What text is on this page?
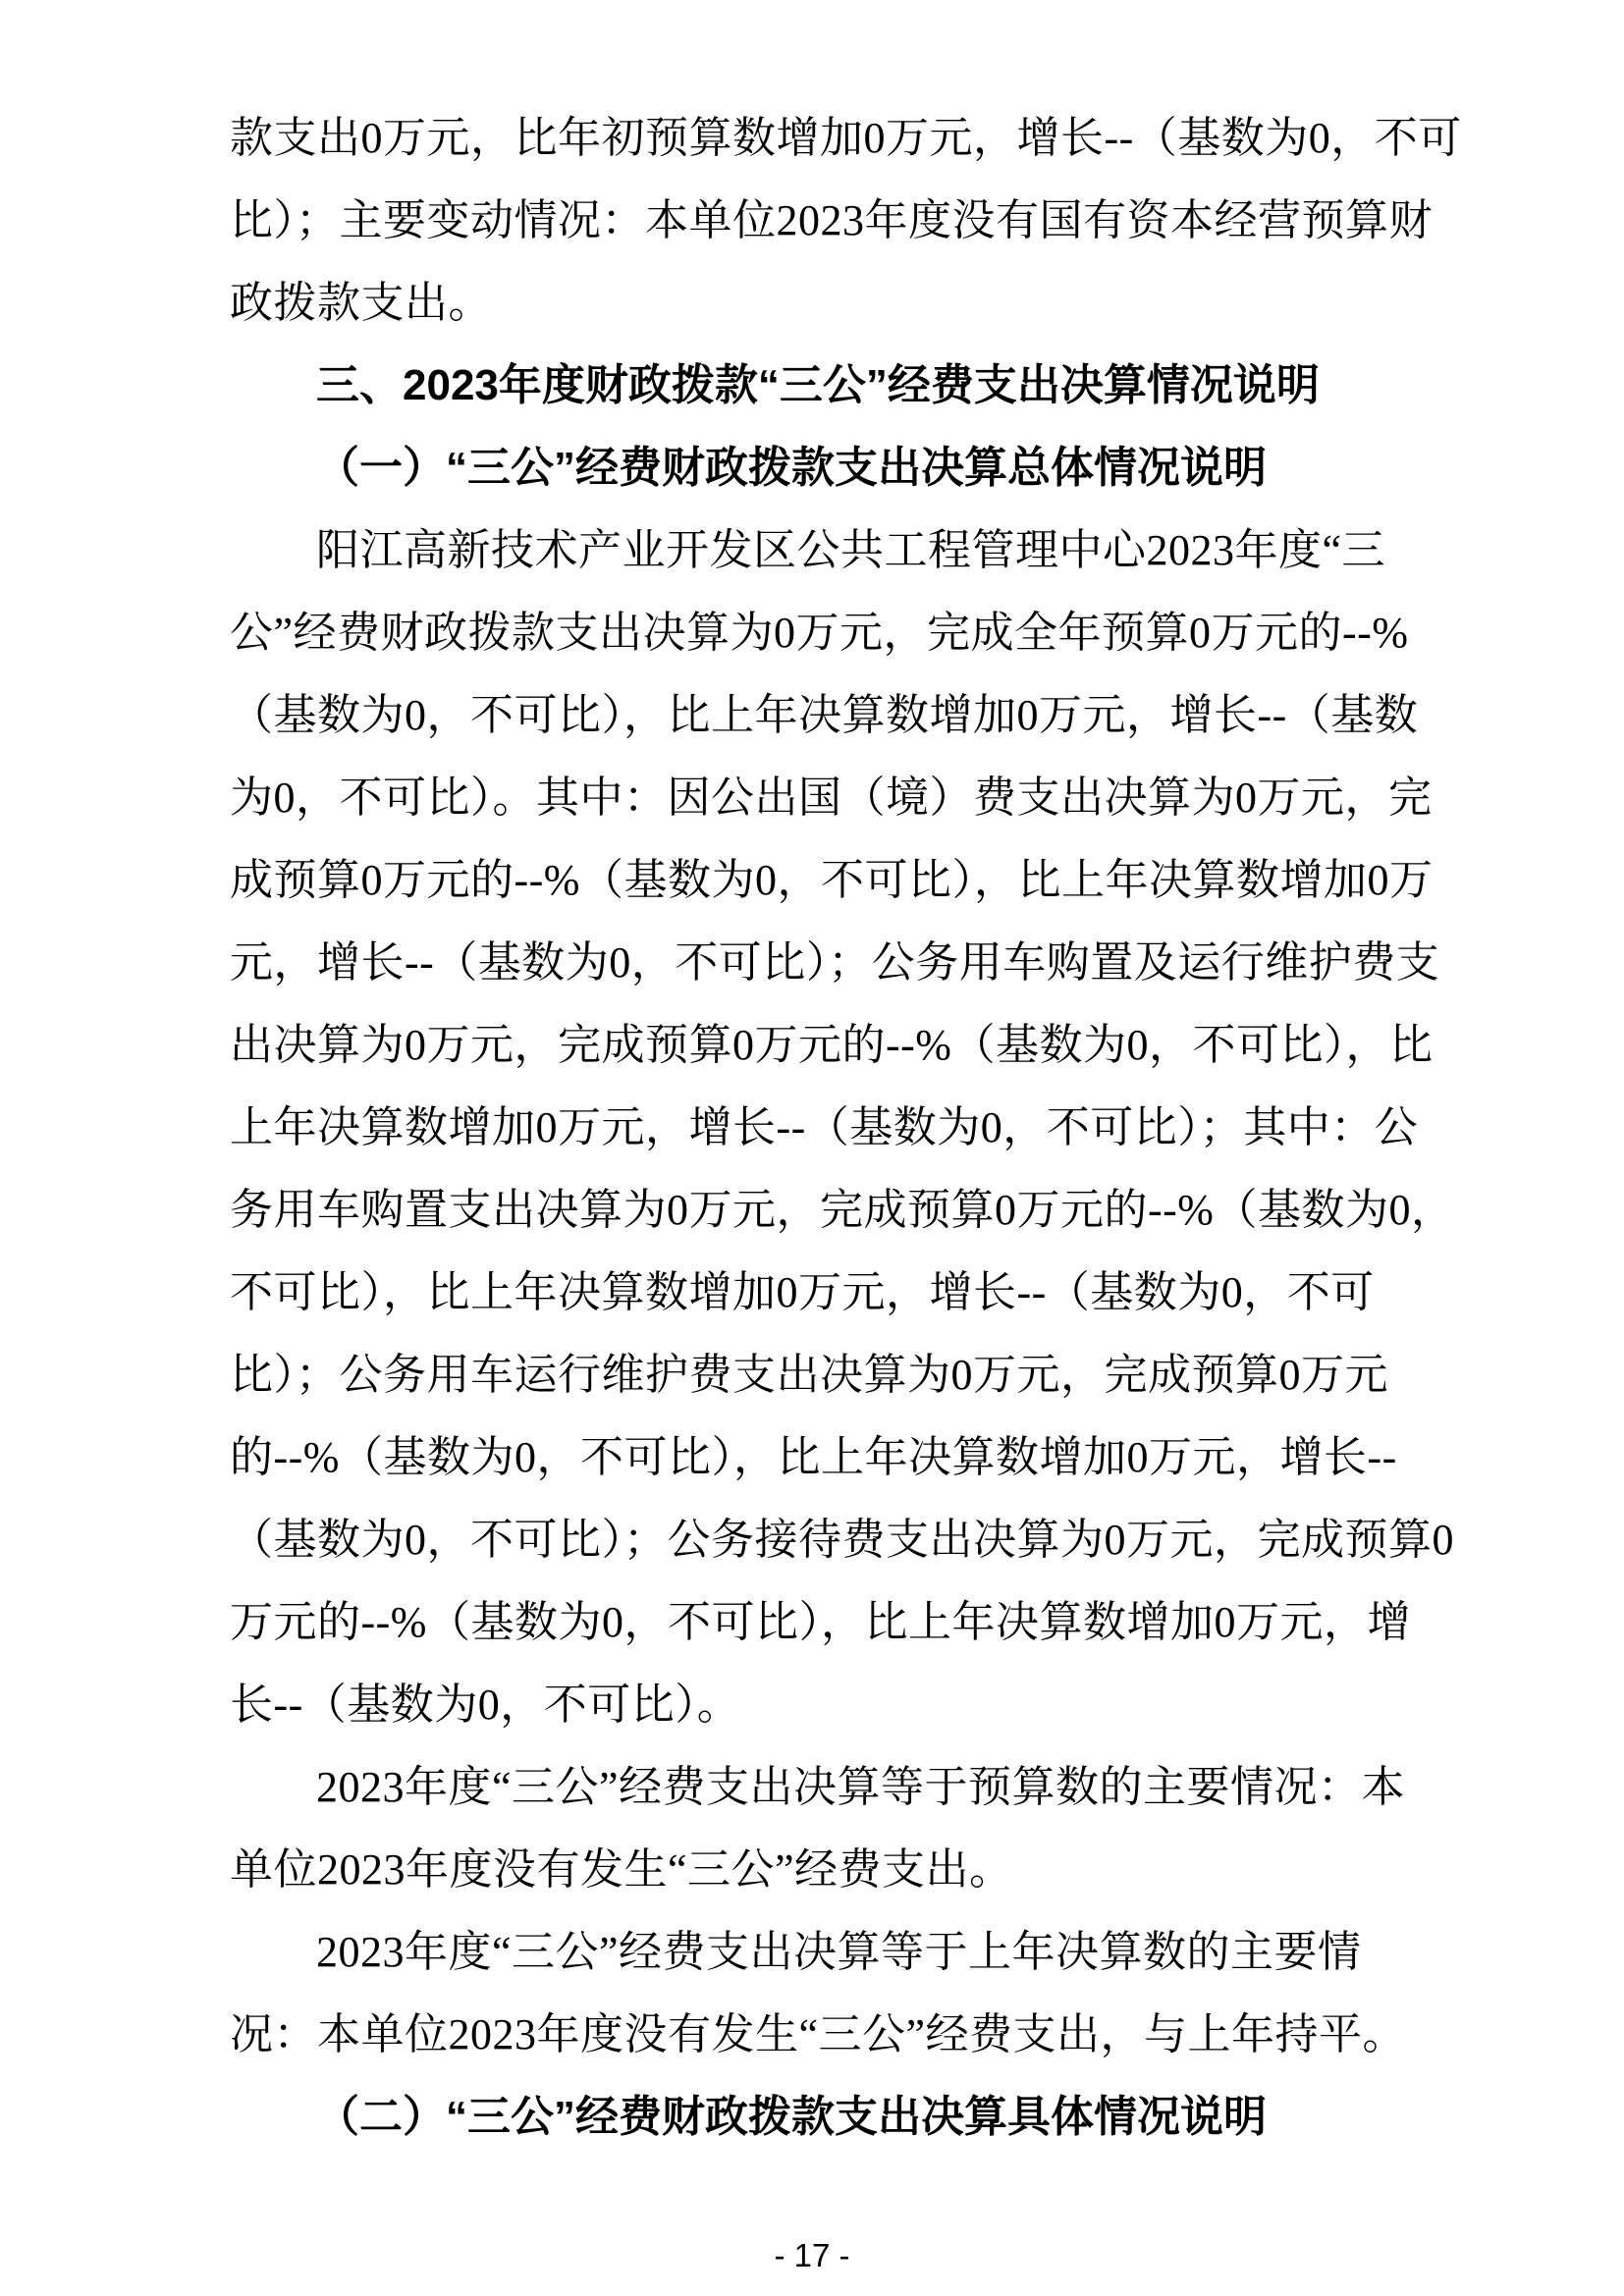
款支出0万元，比年初预算数增加0万元，增长--（基数为0，不可
比）；主要变动情况：本单位2023年度没有国有资本经营预算财
政拨款支出。
三、2023年度财政拨款“三公”经费支出决算情况说明
（一）“三公”经费财政拨款支出决算总体情况说明
阳江高新技术产业开发区公共工程管理中心2023年度“三
公”经费财政拨款支出决算为0万元，完成全年预算0万元的--%
（基数为0，不可比），比上年决算数增加0万元，增长--（基数
为0，不可比）。其中：因公出国（境）费支出决算为0万元，完
成预算0万元的--%（基数为0，不可比），比上年决算数增加0万
元，增长--（基数为0，不可比）；公务用车购置及运行维护费支
出决算为0万元，完成预算0万元的--%（基数为0，不可比），比
上年决算数增加0万元，增长--（基数为0，不可比）；其中：公
务用车购置支出决算为0万元，完成预算0万元的--%（基数为0，
不可比），比上年决算数增加0万元，增长--（基数为0，不可
比）；公务用车运行维护费支出决算为0万元，完成预算0万元
的--%（基数为0，不可比），比上年决算数增加0万元，增长--
（基数为0，不可比）；公务接待费支出决算为0万元，完成预算0
万元的--%（基数为0，不可比），比上年决算数增加0万元，增
长--（基数为0，不可比）。
2023年度“三公”经费支出决算等于预算数的主要情况：本
单位2023年度没有发生“三公”经费支出。
2023年度“三公”经费支出决算等于上年决算数的主要情
况：本单位2023年度没有发生“三公”经费支出，与上年持平。
（二）“三公”经费财政拨款支出决算具体情况说明
- 17 -
